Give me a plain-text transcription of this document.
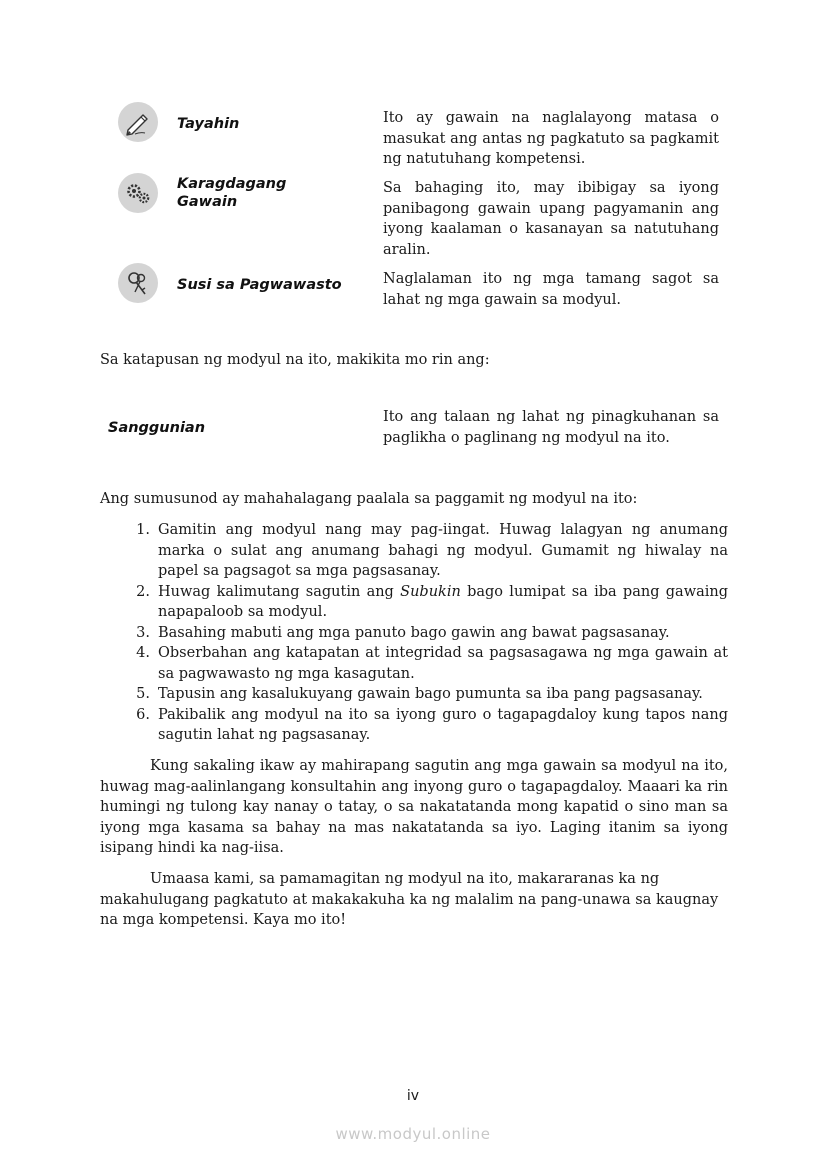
Tayahin	Ito ay gawain na naglalayong matasa o masukat ang antas ng pagkatuto sa pagkamit ng natutuhang kompetensi.
Karagdagang Gawain
Sa bahaging ito, may ibibigay sa iyong panibagong gawain upang pagyamanin ang iyong kaalaman o kasanayan sa natutuhang aralin.
Susi sa Pagwawasto	Naglalaman ito ng mga tamang sagot sa lahat ng mga gawain sa modyul.
Sa katapusan ng modyul na ito, makikita mo rin ang:
Sanggunian
Ito ang talaan ng lahat ng pinagkuhanan sa paglikha o paglinang ng modyul na ito.
Ang sumusunod ay mahahalagang paalala sa paggamit ng modyul na ito:
1. Gamitin ang modyul nang may pag-iingat. Huwag lalagyan ng anumang marka o sulat ang anumang bahagi ng modyul. Gumamit ng hiwalay na papel sa pagsagot sa mga pagsasanay.
2. Huwag kalimutang sagutin ang Subukin bago lumipat sa iba pang gawaing napapaloob sa modyul.
3. Basahing mabuti ang mga panuto bago gawin ang bawat pagsasanay.
4. Obserbahan ang katapatan at integridad sa pagsasagawa ng mga gawain at sa pagwawasto ng mga kasagutan.
5. Tapusin ang kasalukuyang gawain bago pumunta sa iba pang pagsasanay.
6. Pakibalik ang modyul na ito sa iyong guro o tagapagdaloy kung tapos nang sagutin lahat ng pagsasanay.
Kung sakaling ikaw ay mahirapang sagutin ang mga gawain sa modyul na ito, huwag mag-aalinlangang konsultahin ang inyong guro o tagapagdaloy. Maaari ka rin humingi ng tulong kay nanay o tatay, o sa nakatatanda mong kapatid o sino man sa iyong mga kasama sa bahay na mas nakatatanda sa iyo. Laging itanim sa iyong isipang hindi ka nag-iisa.
Umaasa kami, sa pamamagitan ng modyul na ito, makararanas ka ng makahulugang pagkatuto at makakakuha ka ng malalim na pang-unawa sa kaugnay na mga kompetensi. Kaya mo ito!
iv
www.modyul.online
